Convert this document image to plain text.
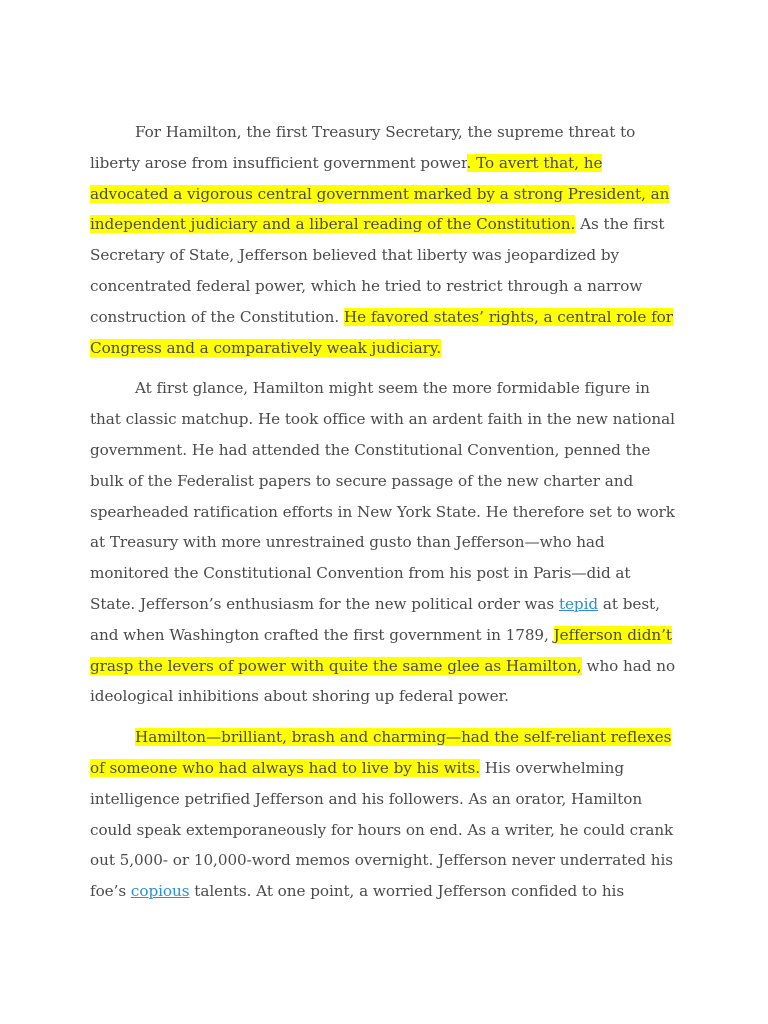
For Hamilton, the first Treasury Secretary, the supreme threat to liberty arose from insufficient government power. To avert that, he advocated a vigorous central government marked by a strong President, an independent judiciary and a liberal reading of the Constitution. As the first Secretary of State, Jefferson believed that liberty was jeopardized by concentrated federal power, which he tried to restrict through a narrow construction of the Constitution. He favored states’ rights, a central role for Congress and a comparatively weak judiciary.

At first glance, Hamilton might seem the more formidable figure in that classic matchup. He took office with an ardent faith in the new national government. He had attended the Constitutional Convention, penned the bulk of the Federalist papers to secure passage of the new charter and spearheaded ratification efforts in New York State. He therefore set to work at Treasury with more unrestrained gusto than Jefferson—who had monitored the Constitutional Convention from his post in Paris—did at State. Jefferson’s enthusiasm for the new political order was tepid at best, and when Washington crafted the first government in 1789, Jefferson didn’t grasp the levers of power with quite the same glee as Hamilton, who had no ideological inhibitions about shoring up federal power.

Hamilton—brilliant, brash and charming—had the self-reliant reflexes of someone who had always had to live by his wits. His overwhelming intelligence petrified Jefferson and his followers. As an orator, Hamilton could speak extemporaneously for hours on end. As a writer, he could crank out 5,000- or 10,000-word memos overnight. Jefferson never underrated his foe’s copious talents. At one point, a worried Jefferson confided to his
